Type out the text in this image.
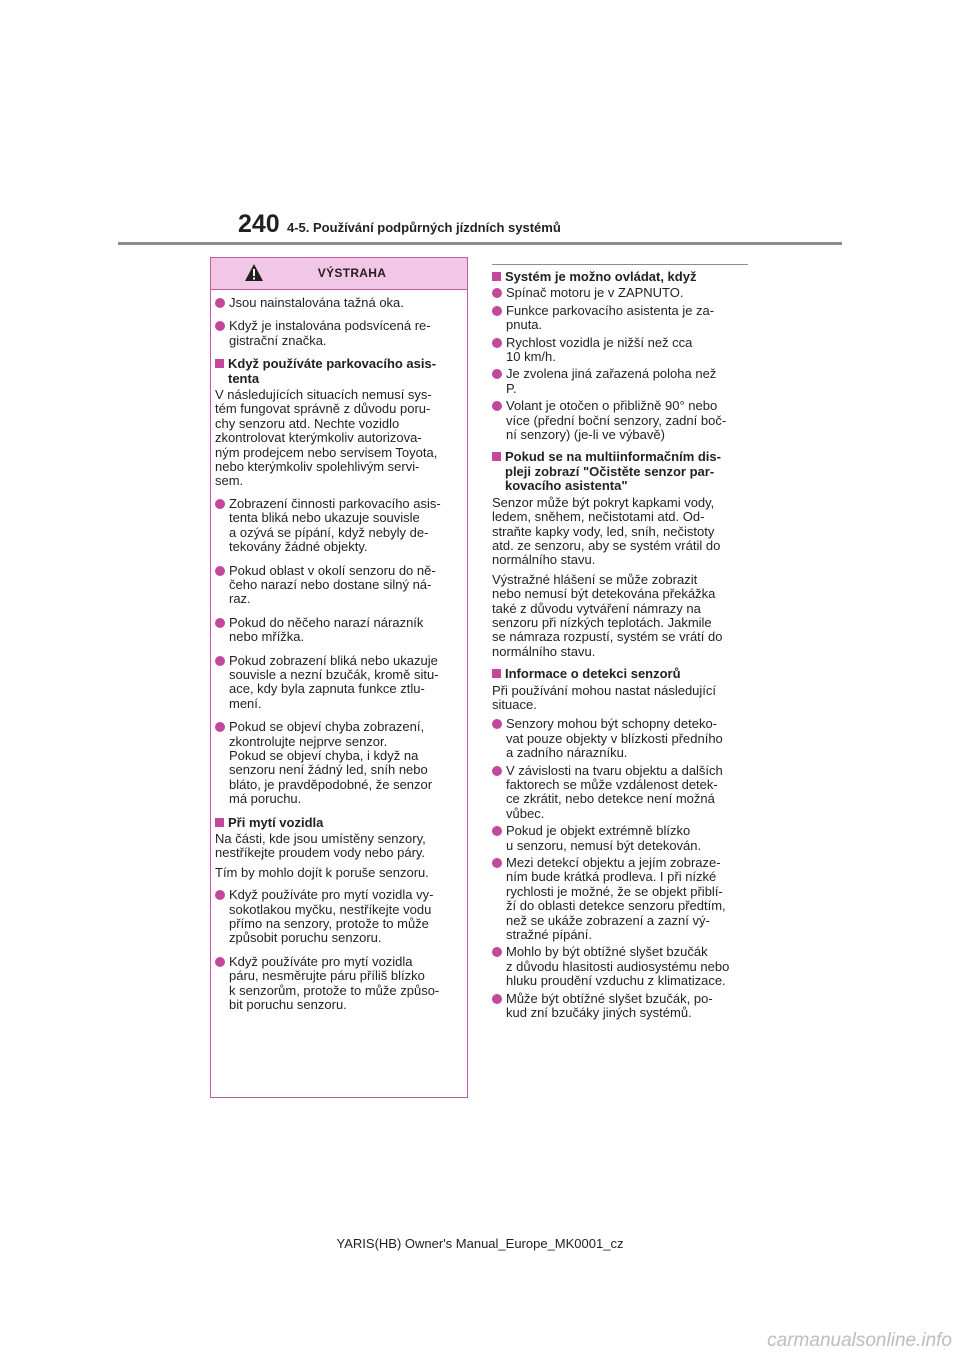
240 4-5. Používání podpůrných jízdních systémů
VÝSTRAHA
Jsou nainstalována tažná oka.
Když je instalována podsvícená re-
gistrační značka.
Když používáte parkovacího asis-
tenta
V následujících situacích nemusí sys-
tém fungovat správně z důvodu poru-
chy senzoru atd. Nechte vozidlo
zkontrolovat kterýmkoliv autorizova-
ným prodejcem nebo servisem Toyota,
nebo kterýmkoliv spolehlivým servi-
sem.
Zobrazení činnosti parkovacího asis-
tenta bliká nebo ukazuje souvisle
a ozývá se pípání, když nebyly de-
tekovány žádné objekty.
Pokud oblast v okolí senzoru do ně-
čeho narazí nebo dostane silný ná-
raz.
Pokud do něčeho narazí nárazník
nebo mřížka.
Pokud zobrazení bliká nebo ukazuje
souvisle a nezní bzučák, kromě situ-
ace, kdy byla zapnuta funkce ztlu-
mení.
Pokud se objeví chyba zobrazení,
zkontrolujte nejprve senzor.
Pokud se objeví chyba, i když na
senzoru není žádný led, sníh nebo
bláto, je pravděpodobné, že senzor
má poruchu.
Při mytí vozidla
Na části, kde jsou umístěny senzory,
nestříkejte proudem vody nebo páry.
Tím by mohlo dojít k poruše senzoru.
Když používáte pro mytí vozidla vy-
sokotlakou myčku, nestříkejte vodu
přímo na senzory, protože to může
způsobit poruchu senzoru.
Když používáte pro mytí vozidla
páru, nesměrujte páru příliš blízko
k senzorům, protože to může způso-
bit poruchu senzoru.
Systém je možno ovládat, když
Spínač motoru je v ZAPNUTO.
Funkce parkovacího asistenta je za-
pnuta.
Rychlost vozidla je nižší než cca
10 km/h.
Je zvolena jiná zařazená poloha než
P.
Volant je otočen o přibližně 90° nebo
více (přední boční senzory, zadní boč-
ní senzory) (je-li ve výbavě)
Pokud se na multiinformačním dis-
pleji zobrazí "Očistěte senzor par-
kovacího asistenta"
Senzor může být pokryt kapkami vody,
ledem, sněhem, nečistotami atd. Od-
straňte kapky vody, led, sníh, nečistoty
atd. ze senzoru, aby se systém vrátil do
normálního stavu.
Výstražné hlášení se může zobrazit
nebo nemusí být detekována překážka
také z důvodu vytváření námrazy na
senzoru při nízkých teplotách. Jakmile
se námraza rozpustí, systém se vrátí do
normálního stavu.
Informace o detekci senzorů
Při používání mohou nastat následující
situace.
Senzory mohou být schopny deteko-
vat pouze objekty v blízkosti předního
a zadního nárazníku.
V závislosti na tvaru objektu a dalších
faktorech se může vzdálenost detek-
ce zkrátit, nebo detekce není možná
vůbec.
Pokud je objekt extrémně blízko
u senzoru, nemusí být detekován.
Mezi detekcí objektu a jejím zobraze-
ním bude krátká prodleva. I při nízké
rychlosti je možné, že se objekt přiblí-
ží do oblasti detekce senzoru předtím,
než se ukáže zobrazení a zazní vý-
stražné pípání.
Mohlo by být obtížné slyšet bzučák
z důvodu hlasitosti audiosystému nebo
hluku proudění vzduchu z klimatizace.
Může být obtížné slyšet bzučák, po-
kud zní bzučáky jiných systémů.
YARIS(HB) Owner's Manual_Europe_MK0001_cz
carmanualsonline.info
